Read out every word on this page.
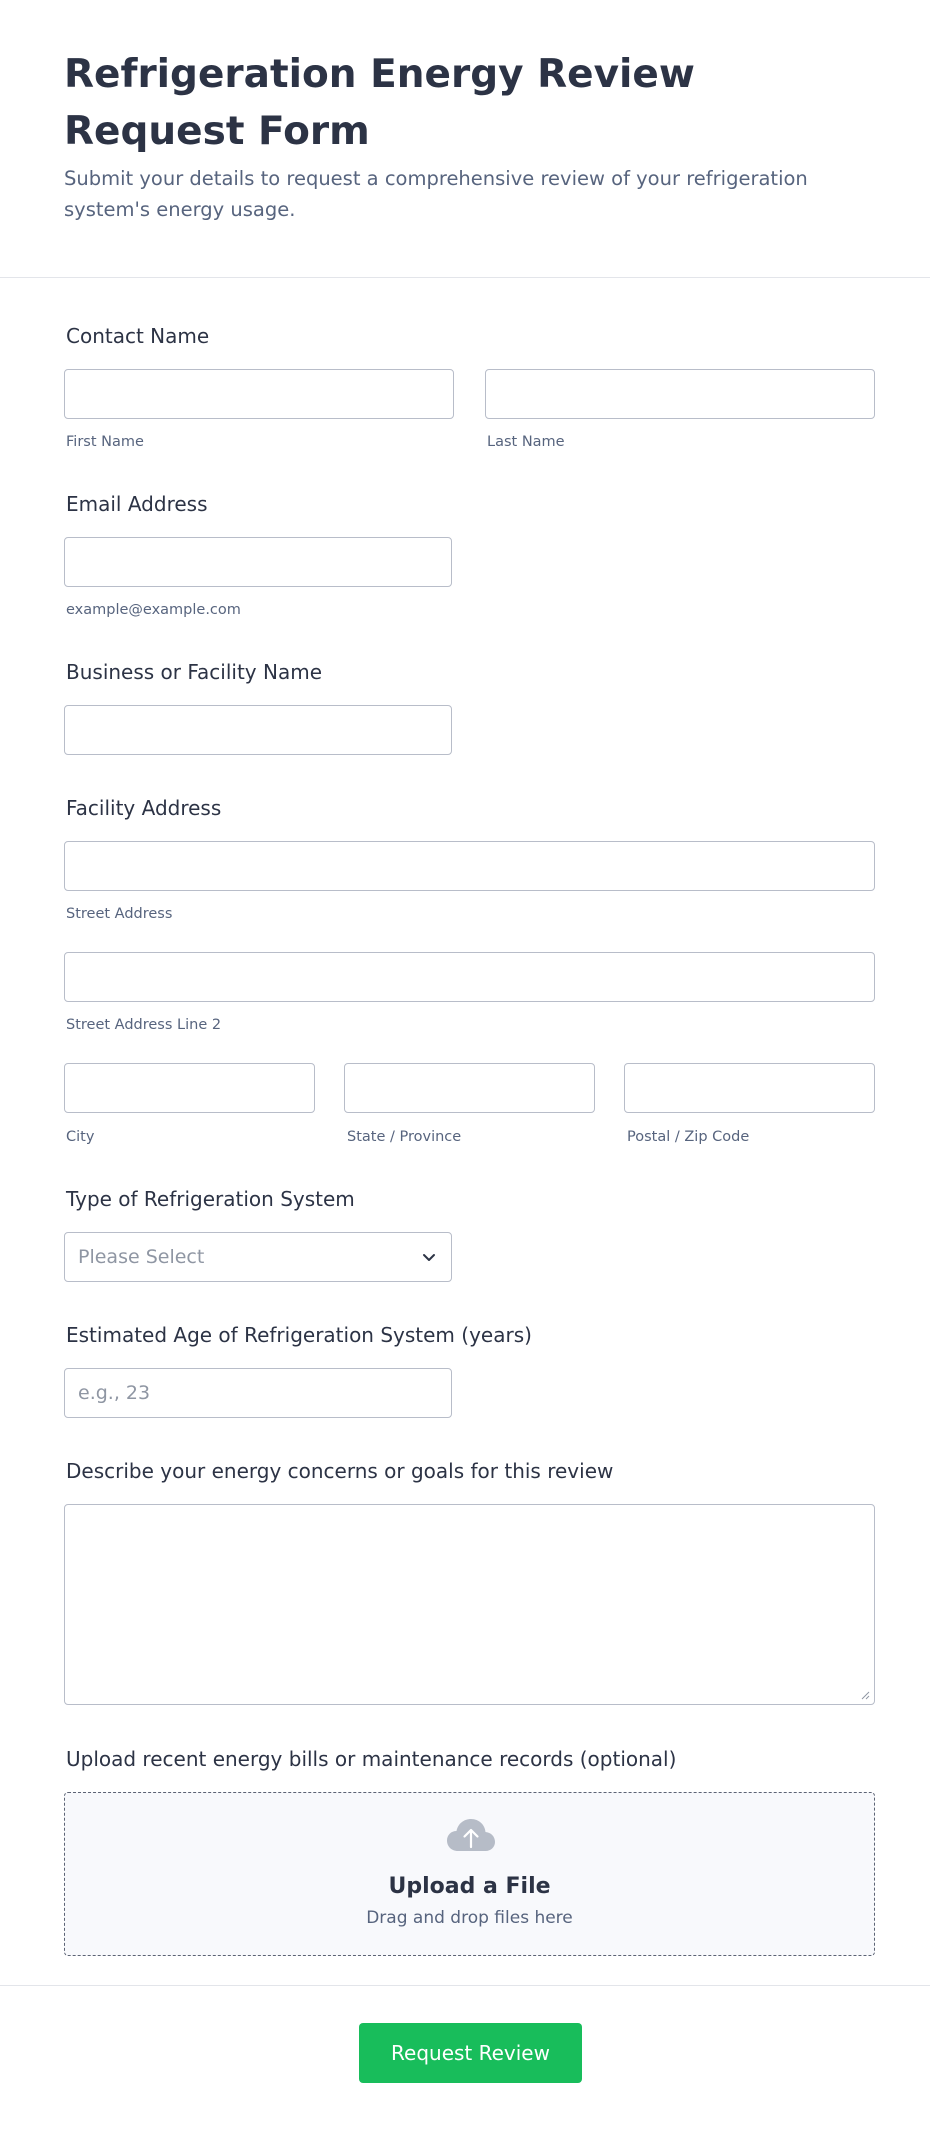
Refrigeration Energy Review Request Form

Submit your details to request a comprehensive review of your refrigeration system's energy usage.

Contact Name
First Name	Last Name
Email Address
example@example.com
Business or Facility Name
Facility Address
Street Address
Street Address Line 2
City	State / Province	Postal / Zip Code
Type of Refrigeration System
Please Select
Estimated Age of Refrigeration System (years)
e.g., 23
Describe your energy concerns or goals for this review
Upload recent energy bills or maintenance records (optional)
Upload a File
Drag and drop files here
Request Review
